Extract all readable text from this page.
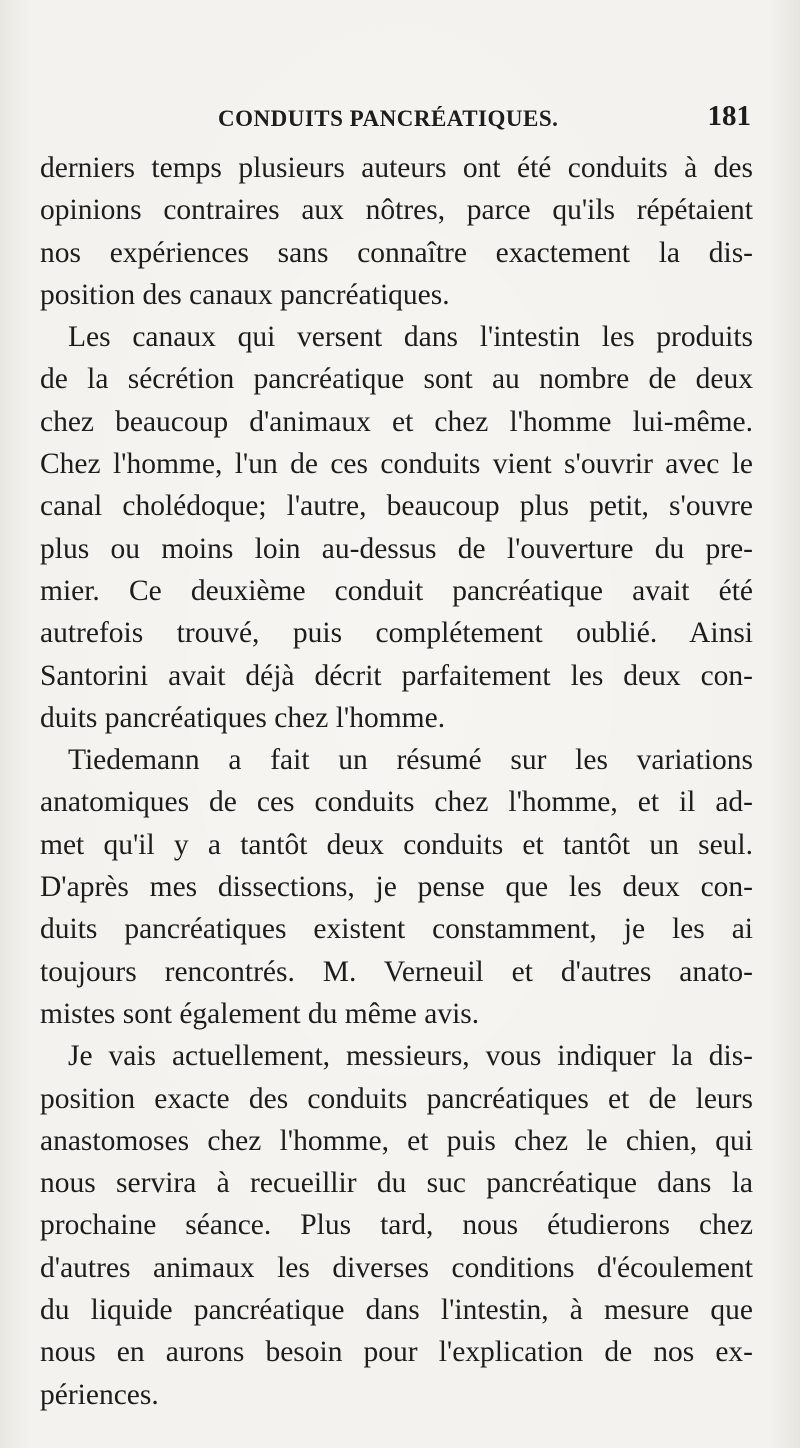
CONDUITS PANCRÉATIQUES.	181
derniers temps plusieurs auteurs ont été conduits à des
opinions contraires aux nôtres, parce qu'ils répétaient
nos expériences sans connaître exactement la dis-
position des canaux pancréatiques.
Les canaux qui versent dans l'intestin les produits
de la sécrétion pancréatique sont au nombre de deux
chez beaucoup d'animaux et chez l'homme lui-même.
Chez l'homme, l'un de ces conduits vient s'ouvrir avec le
canal cholédoque; l'autre, beaucoup plus petit, s'ouvre
plus ou moins loin au-dessus de l'ouverture du pre-
mier. Ce deuxième conduit pancréatique avait été
autrefois trouvé, puis complétement oublié. Ainsi
Santorini avait déjà décrit parfaitement les deux con-
duits pancréatiques chez l'homme.
Tiedemann a fait un résumé sur les variations
anatomiques de ces conduits chez l'homme, et il ad-
met qu'il y a tantôt deux conduits et tantôt un seul.
D'après mes dissections, je pense que les deux con-
duits pancréatiques existent constamment, je les ai
toujours rencontrés. M. Verneuil et d'autres anato-
mistes sont également du même avis.
Je vais actuellement, messieurs, vous indiquer la dis-
position exacte des conduits pancréatiques et de leurs
anastomoses chez l'homme, et puis chez le chien, qui
nous servira à recueillir du suc pancréatique dans la
prochaine séance. Plus tard, nous étudierons chez
d'autres animaux les diverses conditions d'écoulement
du liquide pancréatique dans l'intestin, à mesure que
nous en aurons besoin pour l'explication de nos ex-
périences.
